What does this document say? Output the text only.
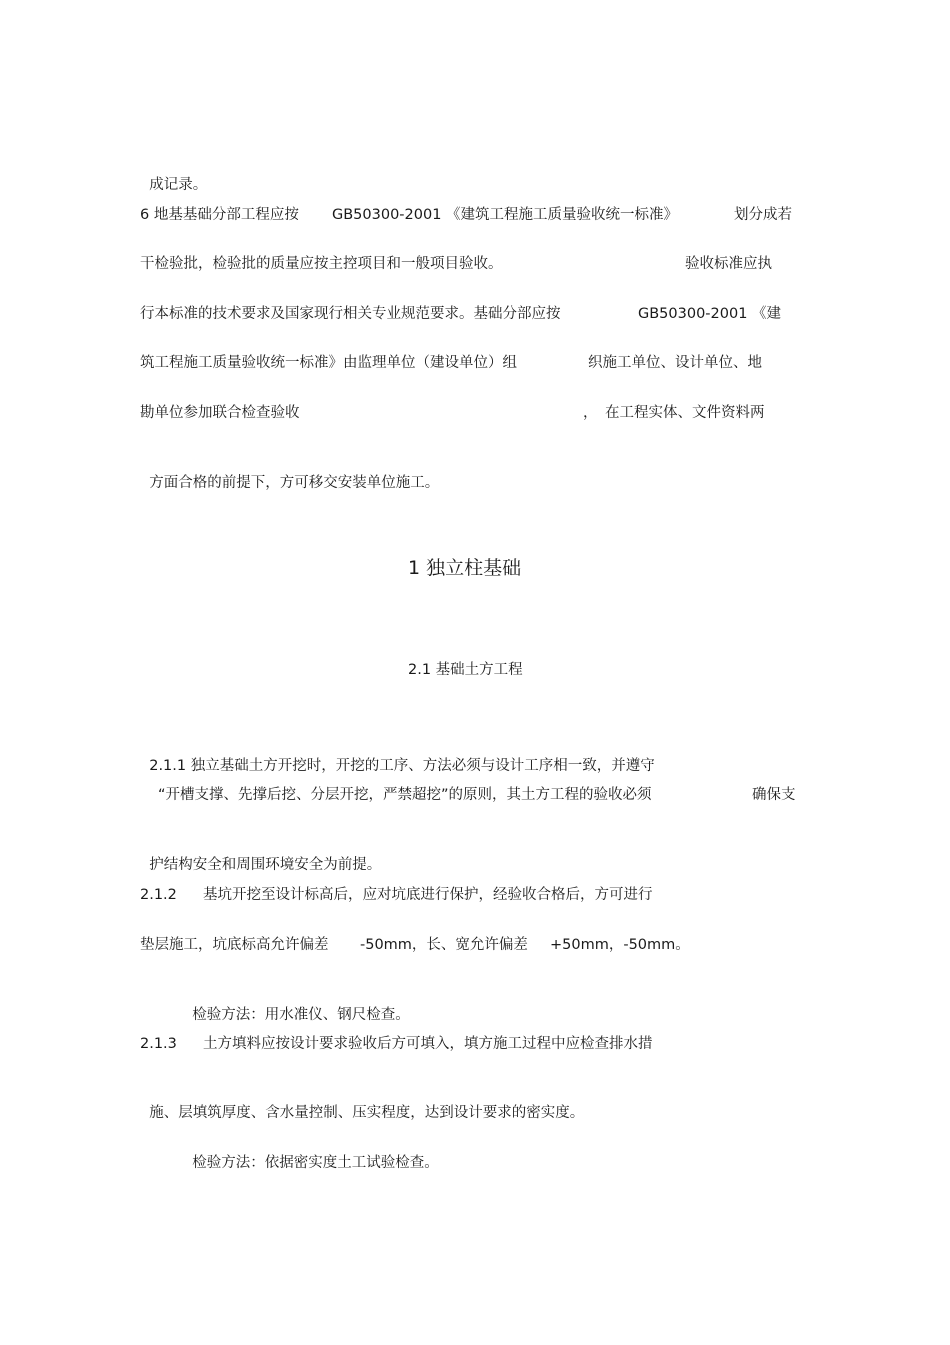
成记录。

6 地基基础分部工程应按

GB50300-2001 《建筑工程施工质量验收统一标准》

	划分成若

干检验批，检验批的质量应按主控项目和一般项目验收。

	验收标准应执

行本标准的技术要求及国家现行相关专业规范要求。基础分部应按

	GB50300-2001 《建

筑工程施工质量验收统一标准》由监理单位（建设单位）组

	织施工单位、设计单位、地

勘单位参加联合检查验收

	，

在工程实体、文件资料两

方面合格的前提下，方可移交安装单位施工。

1 独立柱基础
2.1 基础土方工程

2.1.1 独立基础土方开挖时，开挖的工序、方法必须与设计工序相一致，并遵守

“开槽支撑、先撑后挖、分层开挖，严禁超挖”的原则，其土方工程的验收必须

	确保支

护结构安全和周围环境安全为前提。

2.1.2

基坑开挖至设计标高后，应对坑底进行保护，经验收合格后，方可进行

垫层施工，坑底标高允许偏差

-50mm，长、宽允许偏差

+50mm，-50mm。

检验方法：用水准仪、钢尺检查。

2.1.3

土方填料应按设计要求验收后方可填入，填方施工过程中应检查排水措

施、层填筑厚度、含水量控制、压实程度，达到设计要求的密实度。

检验方法：依据密实度土工试验检查。
